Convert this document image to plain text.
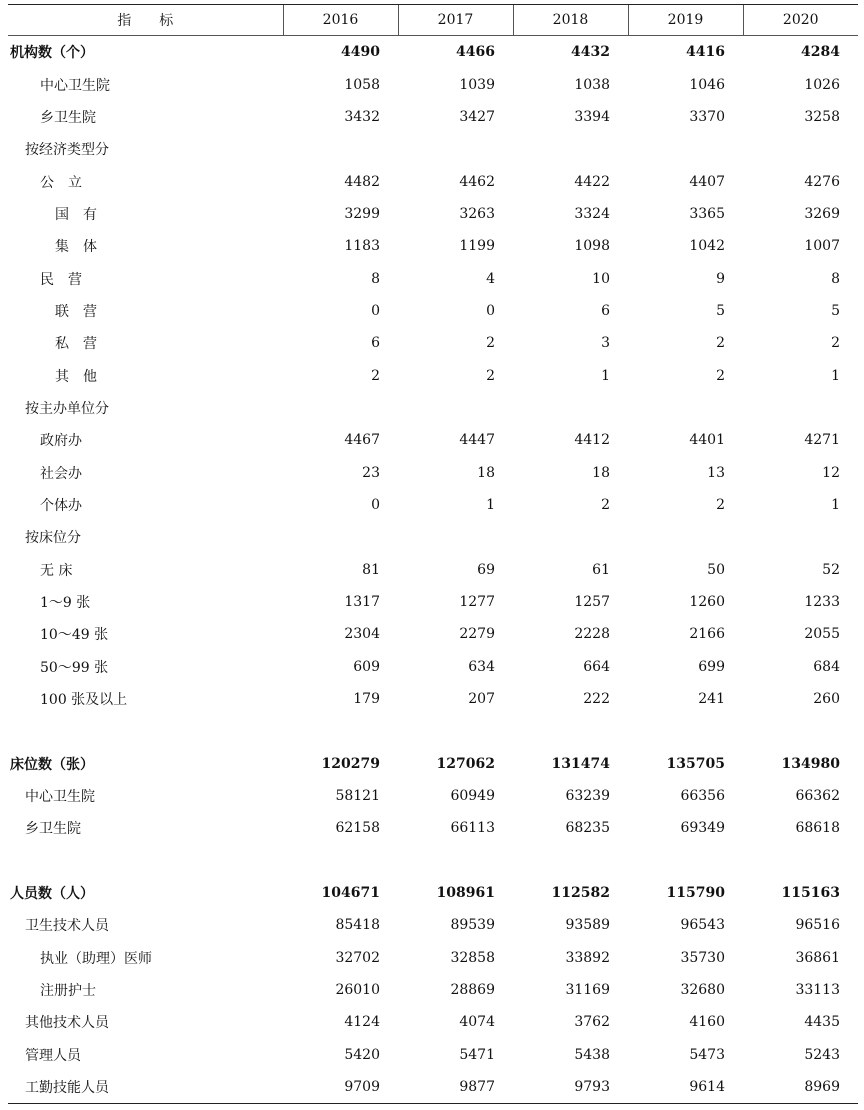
指　　标	2016	2017	2018	2019	2020
机构数（个）	4490	4466	4432	4416	4284
中心卫生院	1058	1039	1038	1046	1026
乡卫生院	3432	3427	3394	3370	3258
按经济类型分					
公　立	4482	4462	4422	4407	4276
国　有	3299	3263	3324	3365	3269
集　体	1183	1199	1098	1042	1007
民　营	8	4	10	9	8
联　营	0	0	6	5	5
私　营	6	2	3	2	2
其　他	2	2	1	2	1
按主办单位分					
政府办	4467	4447	4412	4401	4271
社会办	23	18	18	13	12
个体办	0	1	2	2	1
按床位分					
无 床	81	69	61	50	52
1～9 张	1317	1277	1257	1260	1233
10～49 张	2304	2279	2228	2166	2055
50～99 张	609	634	664	699	684
100 张及以上	179	207	222	241	260

床位数（张）	120279	127062	131474	135705	134980
中心卫生院	58121	60949	63239	66356	66362
乡卫生院	62158	66113	68235	69349	68618

人员数（人）	104671	108961	112582	115790	115163
卫生技术人员	85418	89539	93589	96543	96516
执业（助理）医师	32702	32858	33892	35730	36861
注册护士	26010	28869	31169	32680	33113
其他技术人员	4124	4074	3762	4160	4435
管理人员	5420	5471	5438	5473	5243
工勤技能人员	9709	9877	9793	9614	8969
